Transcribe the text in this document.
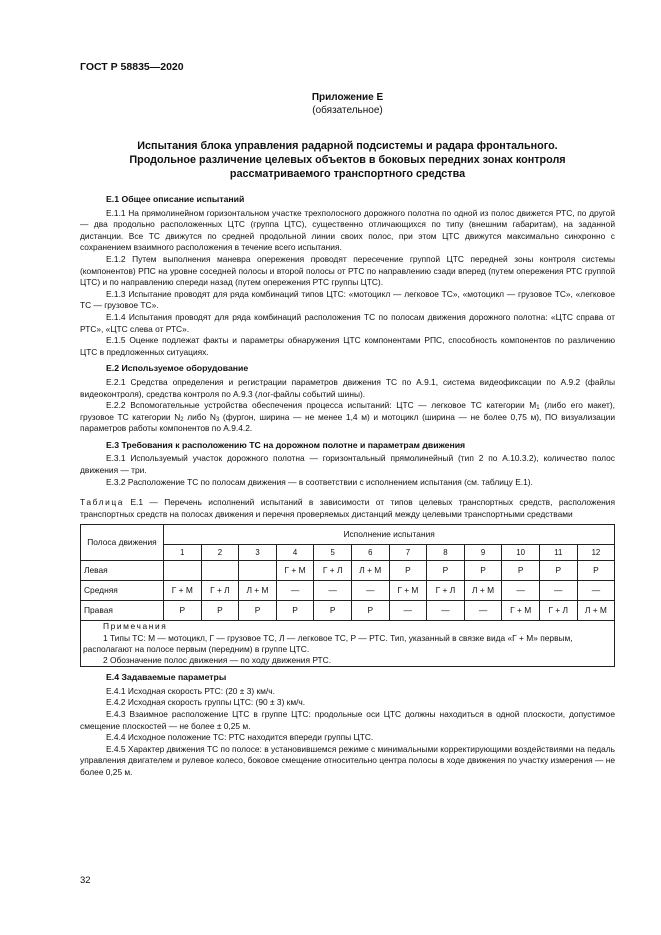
ГОСТ Р 58835—2020
Приложение Е
(обязательное)
Испытания блока управления радарной подсистемы и радара фронтального.
Продольное различение целевых объектов в боковых передних зонах контроля
рассматриваемого транспортного средства

Е.1 Общее описание испытаний

Е.1.1 На прямолинейном горизонтальном участке трехполосного дорожного полотна по одной из полос движется РТС, по другой — два продольно расположенных ЦТС (группа ЦТС), существенно отличающихся по типу (внешним габаритам), на заданной дистанции. Все ТС движутся по средней продольной линии своих полос, при этом ЦТС движутся максимально синхронно с сохранением взаимного расположения в течение всего испытания.

Е.1.2 Путем выполнения маневра опережения проводят пересечение группой ЦТС передней зоны контроля системы (компонентов) РПС на уровне соседней полосы и второй полосы от РТС по направлению сзади вперед (путем опережения РТС группой ЦТС) и по направлению спереди назад (путем опережения РТС группы ЦТС).

Е.1.3 Испытание проводят для ряда комбинаций типов ЦТС: «мотоцикл — легковое ТС», «мотоцикл — грузовое ТС», «легковое ТС — грузовое ТС».

Е.1.4 Испытания проводят для ряда комбинаций расположения ТС по полосам движения дорожного полотна: «ЦТС справа от РТС», «ЦТС слева от РТС».

Е.1.5 Оценке подлежат факты и параметры обнаружения ЦТС компонентами РПС, способность компонентов по различению ЦТС в предложенных ситуациях.

Е.2 Используемое оборудование

Е.2.1 Средства определения и регистрации параметров движения ТС по А.9.1, система видеофиксации по А.9.2 (файлы видеоконтроля), средства контроля по А.9.3 (лог-файлы событий шины).

Е.2.2 Вспомогательные устройства обеспечения процесса испытаний: ЦТС — легковое ТС категории $М_1$ (либо его макет), грузовое ТС категории $N_2$ либо $N_3$ (фургон, ширина — не менее 1,4 м) и мотоцикл (ширина — не более 0,75 м), ПО визуализации параметров работы компонентов по А.9.4.2.

Е.3 Требования к расположению ТС на дорожном полотне и параметрам движения

Е.3.1 Используемый участок дорожного полотна — горизонтальный прямолинейный (тип 2 по А.10.3.2), количество полос движения — три.

Е.3.2 Расположение ТС по полосам движения — в соответствии с исполнением испытания (см. таблицу Е.1).

Таблица Е.1 — Перечень исполнений испытаний в зависимости от типов целевых транспортных средств, расположения транспортных средств на полосах движения и перечня проверяемых дистанций между целевыми транспортными средствами

Полоса движения	Исполнение испытания											
	1	2	3	4	5	6	7	8	9	10	11	12
Левая				Г + М	Г + Л	Л + М	Р	Р	Р	Р	Р	Р
Средняя	Г + М	Г + Л	Л + М	—	—	—	Г + М	Г + Л	Л + М	—	—	—
Правая	Р	Р	Р	Р	Р	Р	—	—	—	Г + М	Г + Л	Л + М

Примечания

1 Типы ТС: М — мотоцикл, Г — грузовое ТС, Л — легковое ТС, Р — РТС. Тип, указанный в связке вида «Г + М» первым, располагают на полосе первым (передним) в группе ЦТС.

2 Обозначение полос движения — по ходу движения РТС.												

Е.4 Задаваемые параметры

Е.4.1 Исходная скорость РТС: (20 ± 3) км/ч.

Е.4.2 Исходная скорость группы ЦТС: (90 ± 3) км/ч.

Е.4.3 Взаимное расположение ЦТС в группе ЦТС: продольные оси ЦТС должны находиться в одной плоскости, допустимое смещение плоскостей — не более ± 0,25 м.

Е.4.4 Исходное положение ТС: РТС находится впереди группы ЦТС.

Е.4.5 Характер движения ТС по полосе: в установившемся режиме с минимальными корректирующими воздействиями на педаль управления двигателем и рулевое колесо, боковое смещение относительно центра полосы в ходе движения по участку измерения — не более 0,25 м.

32
